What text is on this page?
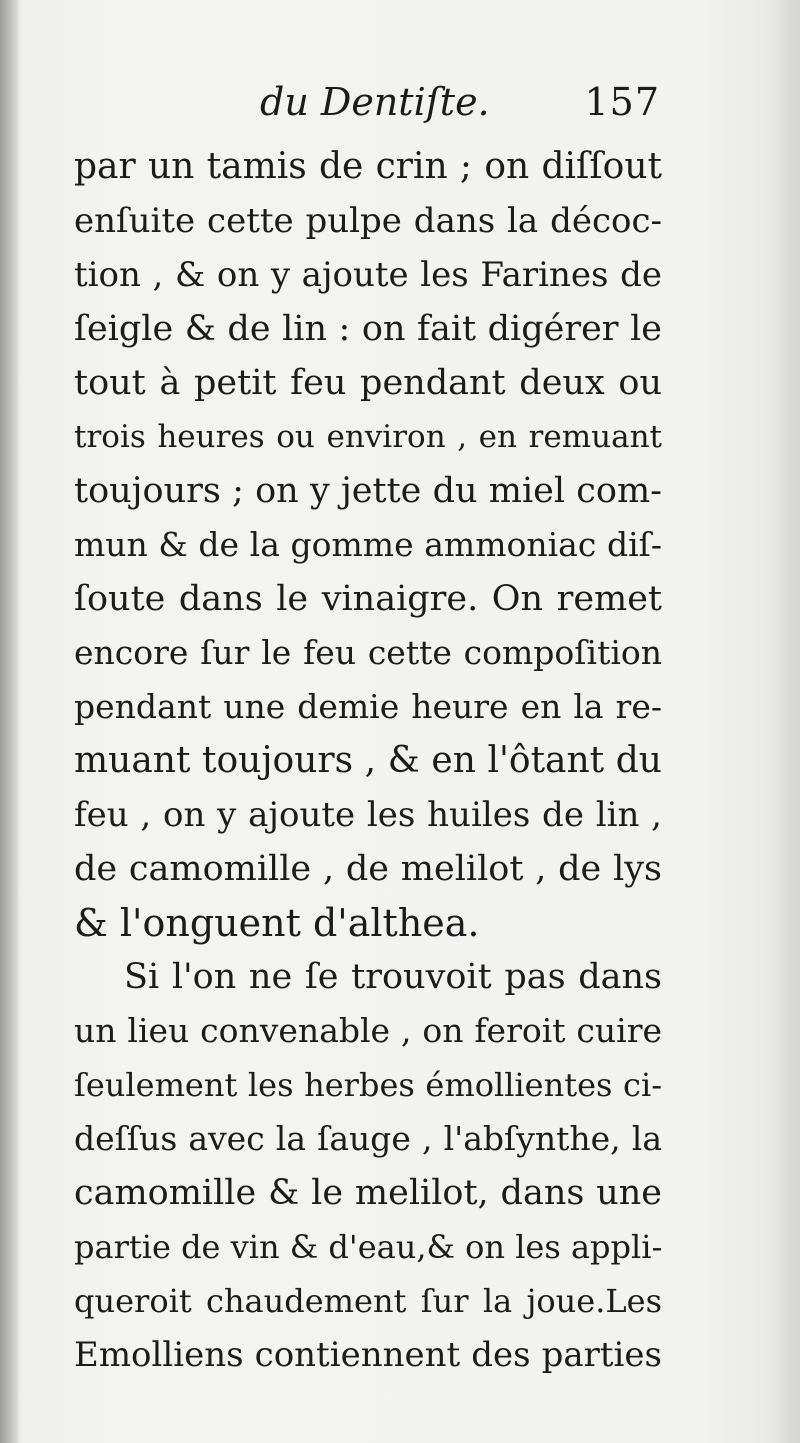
du Dentiſte. 157
par un tamis de crin ; on diſſout
enſuite cette pulpe dans la décoc-
tion , & on y ajoute les Farines de
ſeigle & de lin : on fait digérer le
tout à petit feu pendant deux ou
trois heures ou environ , en remuant
toujours ; on y jette du miel com-
mun & de la gomme ammoniac diſ-
ſoute dans le vinaigre. On remet
encore ſur le feu cette compoſition
pendant une demie heure en la re-
muant toujours , & en l'ôtant du
feu , on y ajoute les huiles de lin ,
de camomille , de melilot , de lys
& l'onguent d'althea.
Si l'on ne ſe trouvoit pas dans
un lieu convenable , on feroit cuire
ſeulement les herbes émollientes ci-
deſſus avec la ſauge , l'abſynthe, la
camomille & le melilot, dans une
partie de vin & d'eau,& on les appli-
queroit chaudement ſur la joue.Les
Emolliens contiennent des parties
